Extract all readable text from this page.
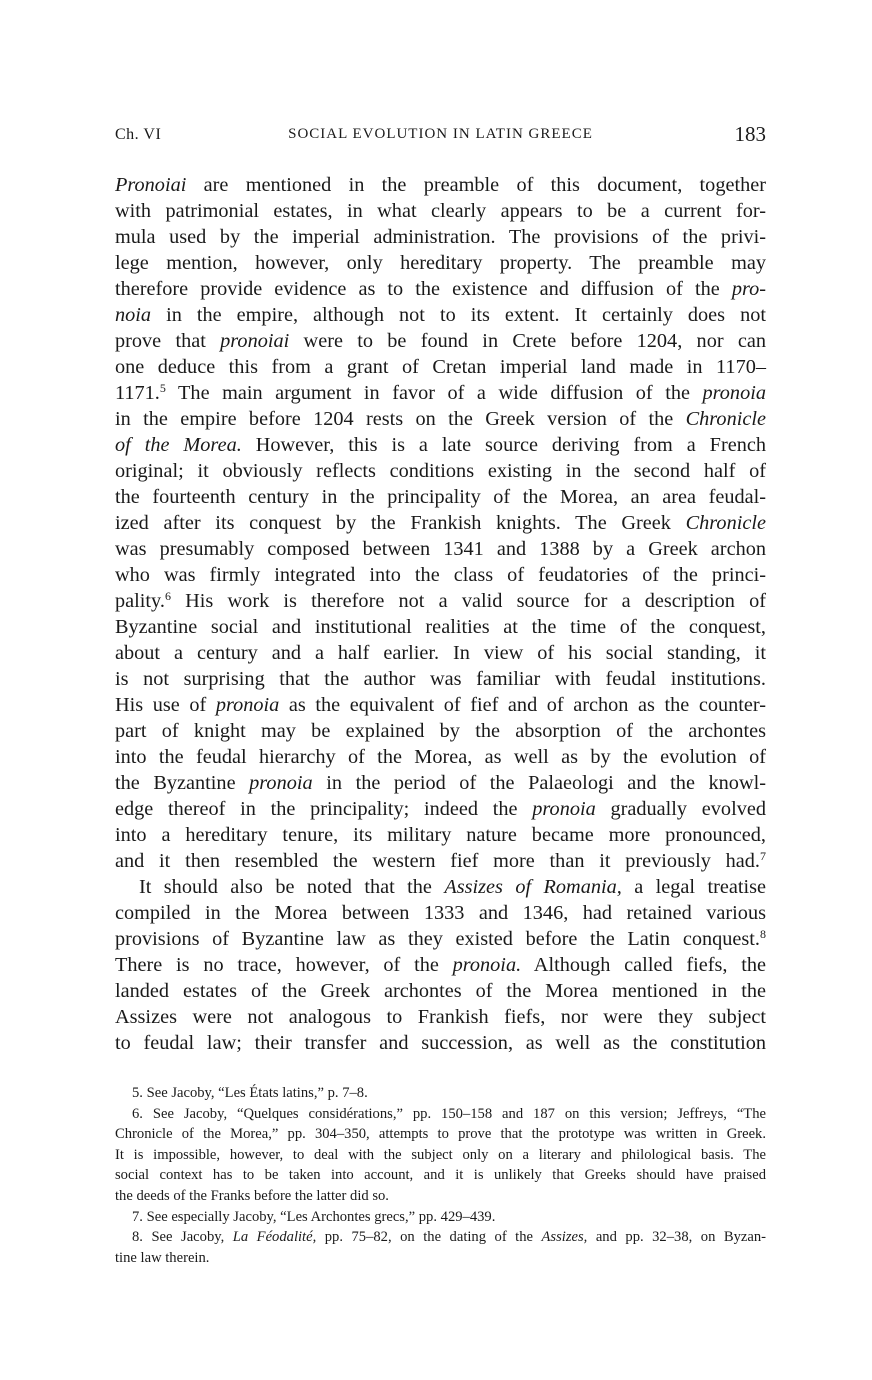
Ch. VI	SOCIAL EVOLUTION IN LATIN GREECE	183
Pronoiai are mentioned in the preamble of this document, together
with patrimonial estates, in what clearly appears to be a current for-
mula used by the imperial administration. The provisions of the privi-
lege mention, however, only hereditary property. The preamble may
therefore provide evidence as to the existence and diffusion of the pro-
noia in the empire, although not to its extent. It certainly does not
prove that pronoiai were to be found in Crete before 1204, nor can
one deduce this from a grant of Cretan imperial land made in 1170–
1171.$^5$ The main argument in favor of a wide diffusion of the pronoia
in the empire before 1204 rests on the Greek version of the Chronicle
of the Morea. However, this is a late source deriving from a French
original; it obviously reflects conditions existing in the second half of
the fourteenth century in the principality of the Morea, an area feudal-
ized after its conquest by the Frankish knights. The Greek Chronicle
was presumably composed between 1341 and 1388 by a Greek archon
who was firmly integrated into the class of feudatories of the princi-
pality.$^6$ His work is therefore not a valid source for a description of
Byzantine social and institutional realities at the time of the conquest,
about a century and a half earlier. In view of his social standing, it
is not surprising that the author was familiar with feudal institutions.
His use of pronoia as the equivalent of fief and of archon as the counter-
part of knight may be explained by the absorption of the archontes
into the feudal hierarchy of the Morea, as well as by the evolution of
the Byzantine pronoia in the period of the Palaeologi and the knowl-
edge thereof in the principality; indeed the pronoia gradually evolved
into a hereditary tenure, its military nature became more pronounced,
and it then resembled the western fief more than it previously had.$^7$
It should also be noted that the Assizes of Romania, a legal treatise
compiled in the Morea between 1333 and 1346, had retained various
provisions of Byzantine law as they existed before the Latin conquest.$^8$
There is no trace, however, of the pronoia. Although called fiefs, the
landed estates of the Greek archontes of the Morea mentioned in the
Assizes were not analogous to Frankish fiefs, nor were they subject
to feudal law; their transfer and succession, as well as the constitution
5. See Jacoby, “Les États latins,” p. 7–8.
6. See Jacoby, “Quelques considérations,” pp. 150–158 and 187 on this version; Jeffreys, “The
Chronicle of the Morea,” pp. 304–350, attempts to prove that the prototype was written in Greek.
It is impossible, however, to deal with the subject only on a literary and philological basis. The
social context has to be taken into account, and it is unlikely that Greeks should have praised
the deeds of the Franks before the latter did so.
7. See especially Jacoby, “Les Archontes grecs,” pp. 429–439.
8. See Jacoby, La Féodalité, pp. 75–82, on the dating of the Assizes, and pp. 32–38, on Byzan-
tine law therein.
